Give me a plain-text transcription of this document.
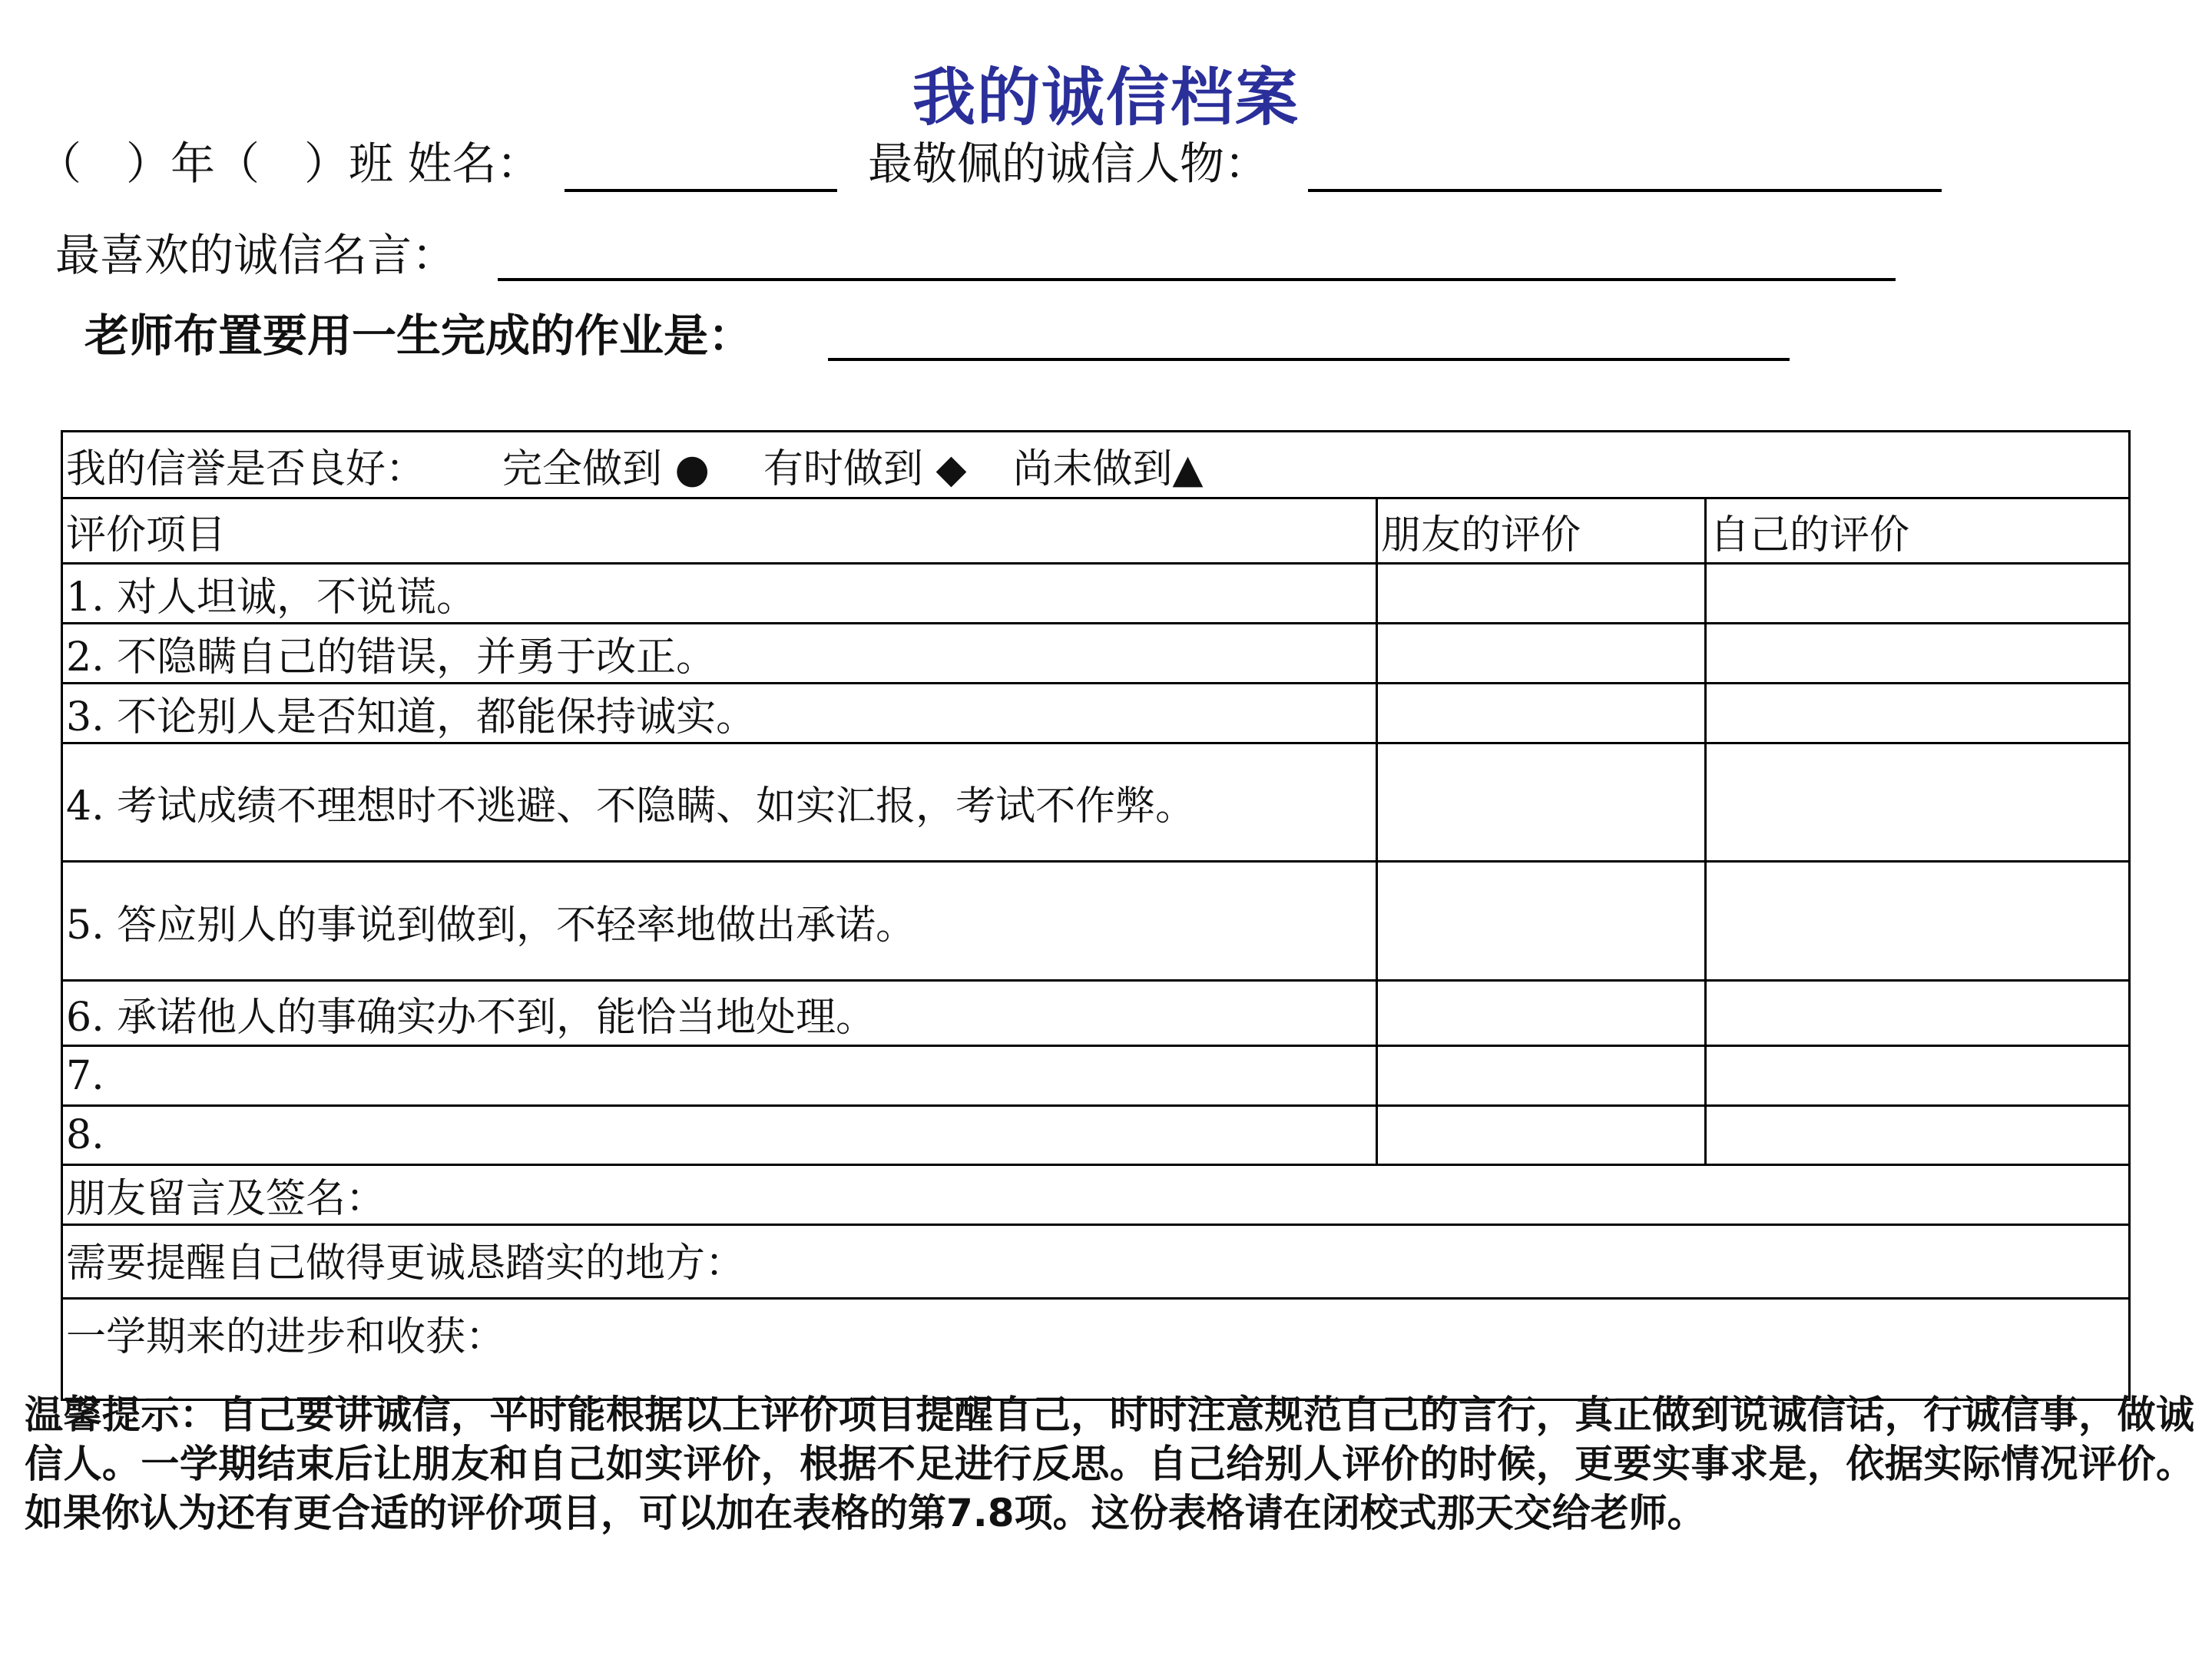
我的诚信档案
（　）年（　）班 姓名：	最敬佩的诚信人物：
最喜欢的诚信名言：
老师布置要用一生完成的作业是：
我的信誉是否良好： 完全做到 ● 有时做到 ◆ 尚未做到▲		
评价项目	朋友的评价	自己的评价
1. 对人坦诚，不说谎。		
2. 不隐瞒自己的错误，并勇于改正。		
3. 不论别人是否知道，都能保持诚实。		
4. 考试成绩不理想时不逃避、不隐瞒、如实汇报，考试不作弊。		
5. 答应别人的事说到做到，不轻率地做出承诺。		
6. 承诺他人的事确实办不到，能恰当地处理。		
7.		
8.		
朋友留言及签名：		
需要提醒自己做得更诚恳踏实的地方：		
一学期来的进步和收获：		
温馨提示：自己要讲诚信，平时能根据以上评价项目提醒自己，时时注意规范自己的言行，真正做到说诚信话，行诚信事，做诚信人。一学期结束后让朋友和自己如实评价，根据不足进行反思。自己给别人评价的时候，更要实事求是，依据实际情况评价。如果你认为还有更合适的评价项目，可以加在表格的第7.8项。这份表格请在闭校式那天交给老师。
